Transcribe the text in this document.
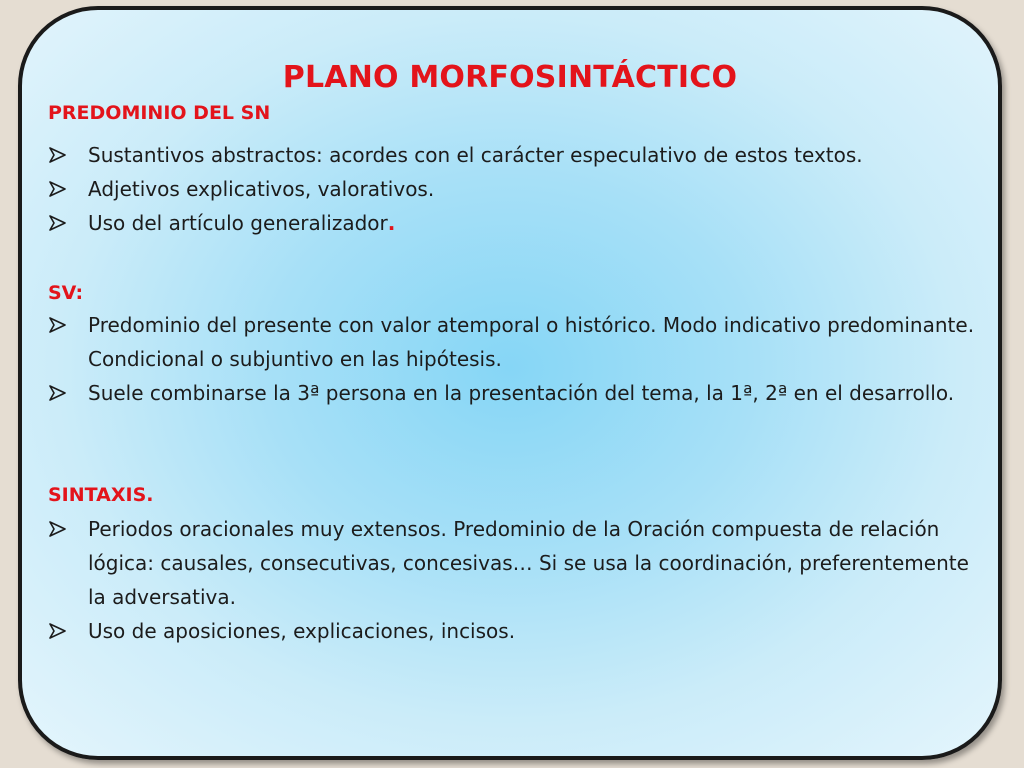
PLANO MORFOSINTÁCTICO

PREDOMINIO DEL SN

Sustantivos abstractos: acordes con el carácter especulativo de estos textos.
Adjetivos explicativos, valorativos.
Uso del artículo generalizador.

SV:

Predominio del presente con valor atemporal o histórico. Modo indicativo predominante. Condicional o subjuntivo en las hipótesis.
Suele combinarse la 3ª persona en la presentación del tema, la 1ª, 2ª en el desarrollo.

SINTAXIS.

Periodos oracionales muy extensos. Predominio de la Oración compuesta de relación lógica: causales, consecutivas, concesivas… Si se usa la coordinación, preferentemente la adversativa.
Uso de aposiciones, explicaciones, incisos.
